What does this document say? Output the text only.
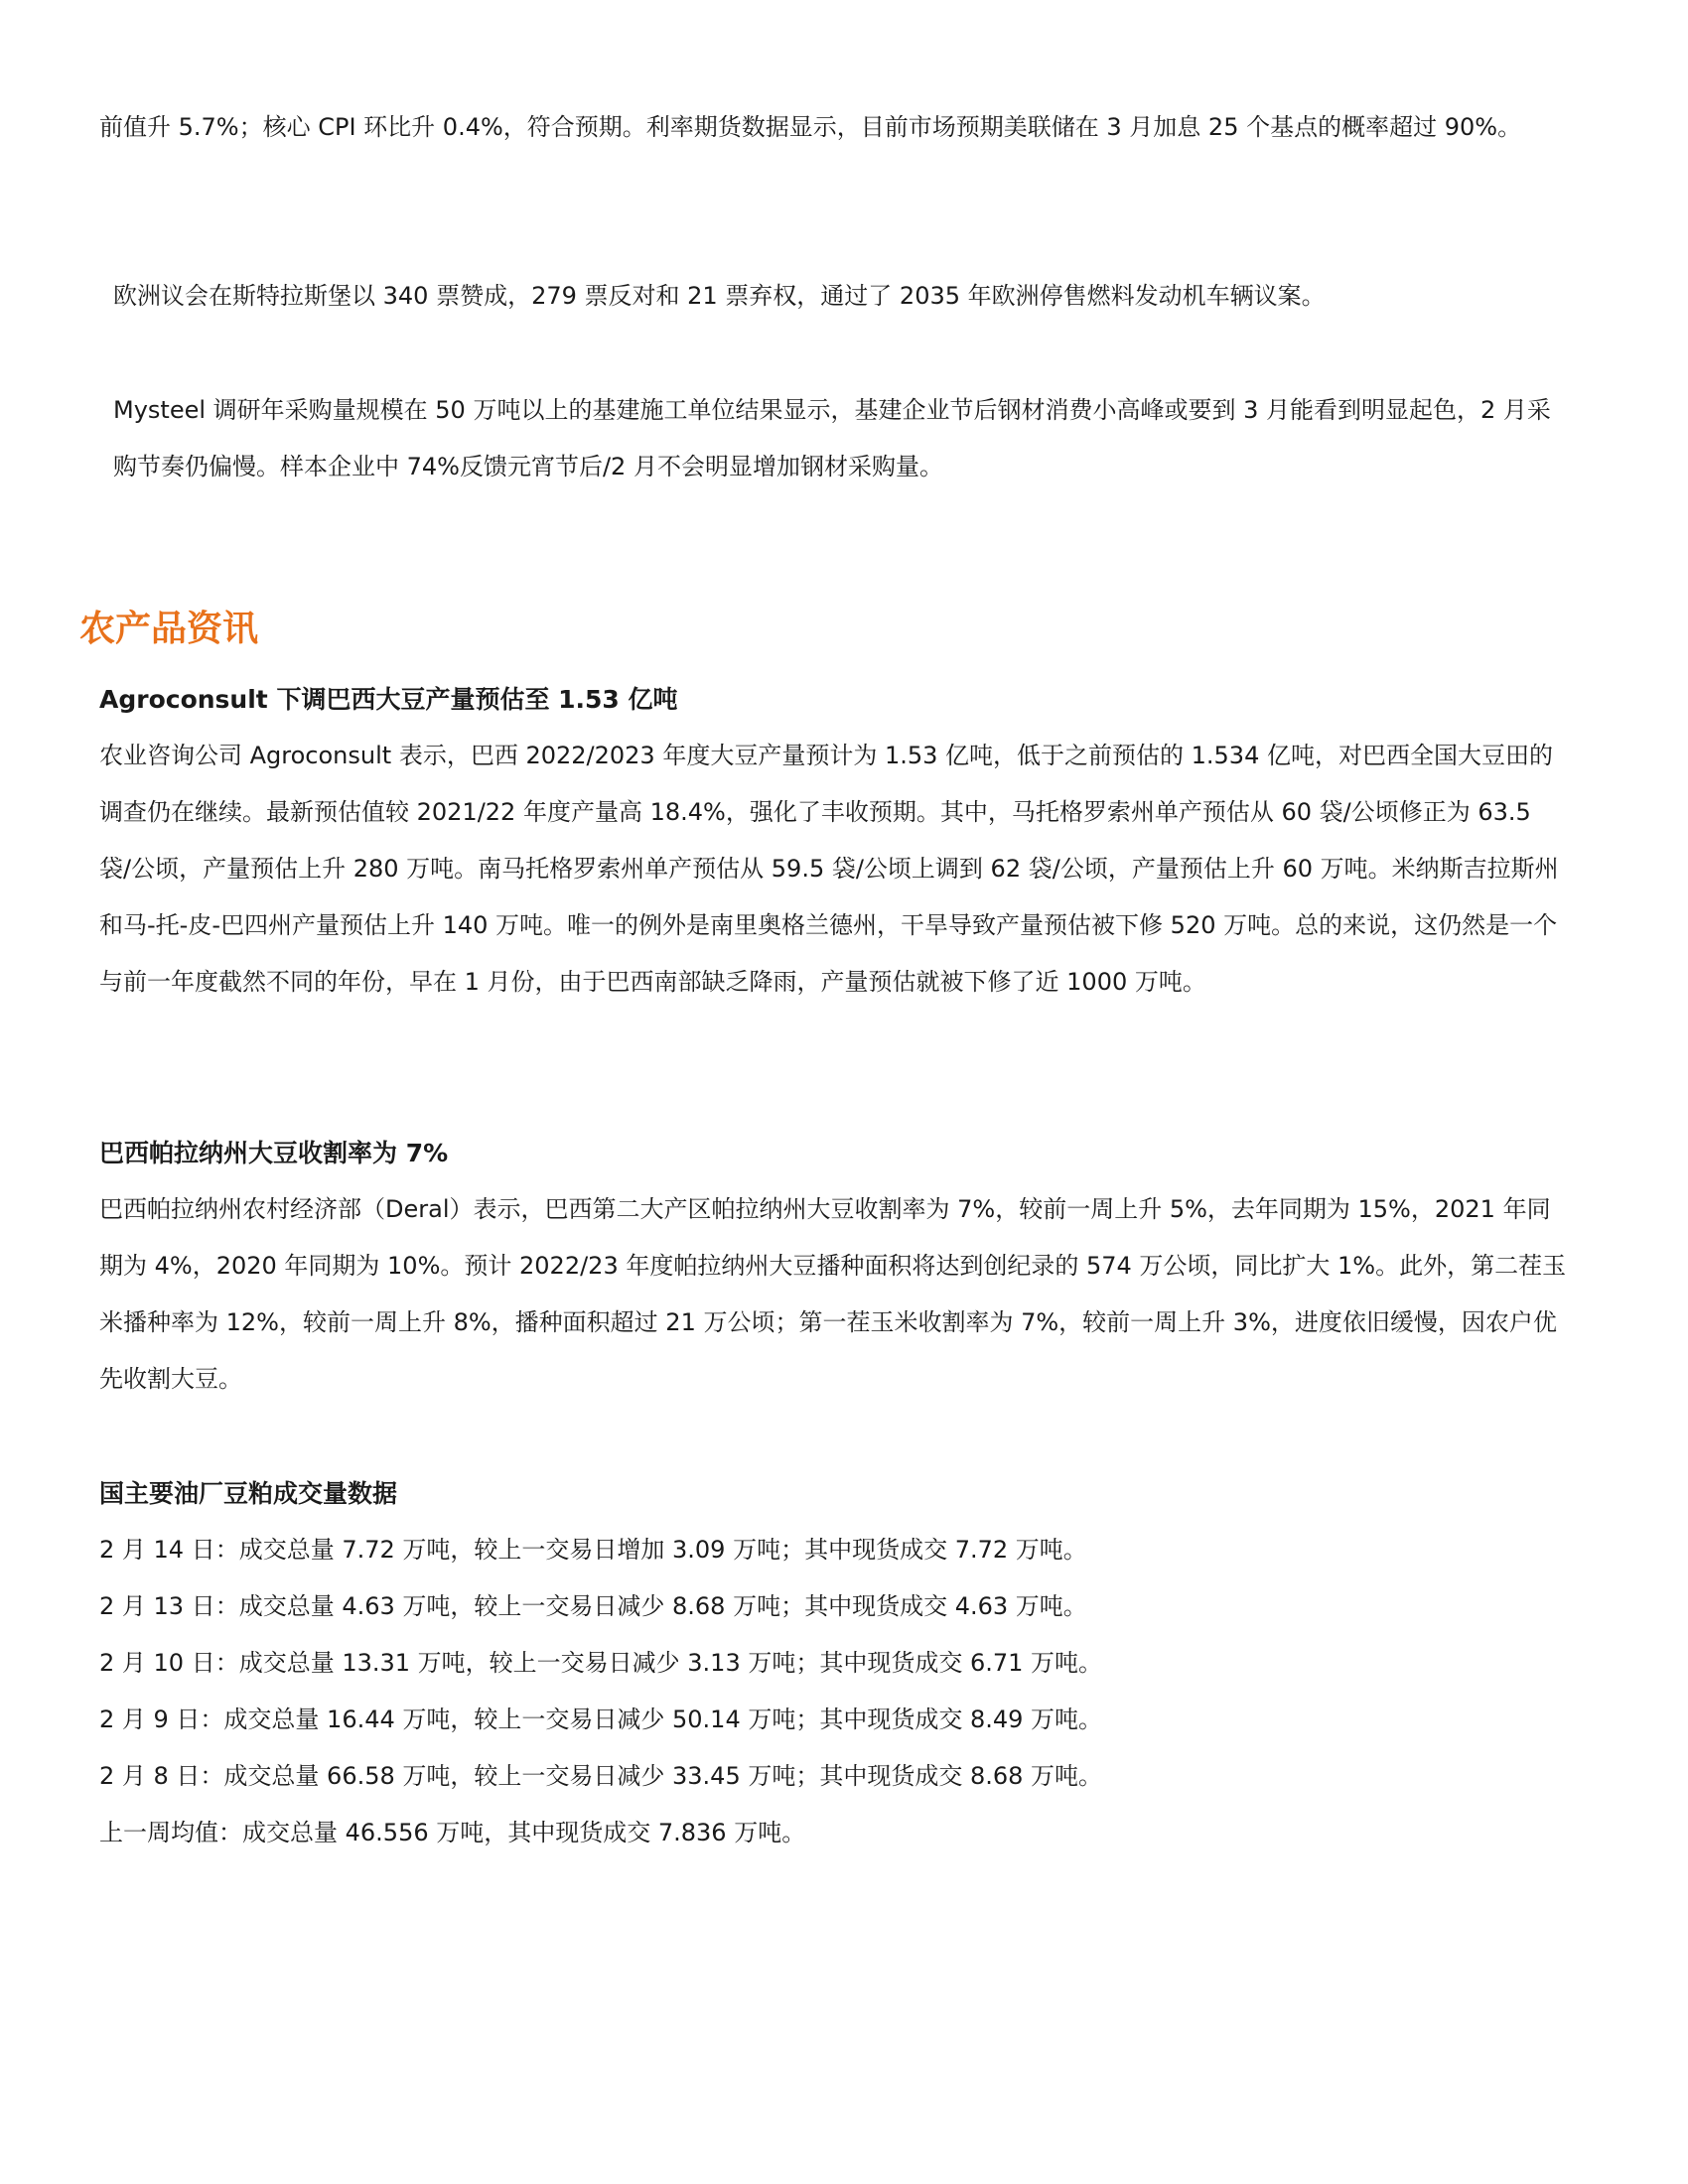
前值升 5.7%；核心 CPI 环比升 0.4%，符合预期。利率期货数据显示，目前市场预期美联储在 3 月加息 25 个基点的概率超过 90%。

欧洲议会在斯特拉斯堡以 340 票赞成，279 票反对和 21 票弃权，通过了 2035 年欧洲停售燃料发动机车辆议案。

Mysteel 调研年采购量规模在 50 万吨以上的基建施工单位结果显示，基建企业节后钢材消费小高峰或要到 3 月能看到明显起色，2 月采购节奏仍偏慢。样本企业中 74%反馈元宵节后/2 月不会明显增加钢材采购量。

农产品资讯

Agroconsult 下调巴西大豆产量预估至 1.53 亿吨

农业咨询公司 Agroconsult 表示，巴西 2022/2023 年度大豆产量预计为 1.53 亿吨，低于之前预估的 1.534 亿吨，对巴西全国大豆田的调查仍在继续。最新预估值较 2021/22 年度产量高 18.4%，强化了丰收预期。其中，马托格罗索州单产预估从 60 袋/公顷修正为 63.5 袋/公顷，产量预估上升 280 万吨。南马托格罗索州单产预估从 59.5 袋/公顷上调到 62 袋/公顷，产量预估上升 60 万吨。米纳斯吉拉斯州和马-托-皮-巴四州产量预估上升 140 万吨。唯一的例外是南里奥格兰德州，干旱导致产量预估被下修 520 万吨。总的来说，这仍然是一个与前一年度截然不同的年份，早在 1 月份，由于巴西南部缺乏降雨，产量预估就被下修了近 1000 万吨。

巴西帕拉纳州大豆收割率为 7%

巴西帕拉纳州农村经济部（Deral）表示，巴西第二大产区帕拉纳州大豆收割率为 7%，较前一周上升 5%，去年同期为 15%，2021 年同期为 4%，2020 年同期为 10%。预计 2022/23 年度帕拉纳州大豆播种面积将达到创纪录的 574 万公顷，同比扩大 1%。此外，第二茬玉米播种率为 12%，较前一周上升 8%，播种面积超过 21 万公顷；第一茬玉米收割率为 7%，较前一周上升 3%，进度依旧缓慢，因农户优先收割大豆。

国主要油厂豆粕成交量数据

2 月 14 日：成交总量 7.72 万吨，较上一交易日增加 3.09 万吨；其中现货成交 7.72 万吨。

2 月 13 日：成交总量 4.63 万吨，较上一交易日减少 8.68 万吨；其中现货成交 4.63 万吨。

2 月 10 日：成交总量 13.31 万吨，较上一交易日减少 3.13 万吨；其中现货成交 6.71 万吨。

2 月 9 日：成交总量 16.44 万吨，较上一交易日减少 50.14 万吨；其中现货成交 8.49 万吨。

2 月 8 日：成交总量 66.58 万吨，较上一交易日减少 33.45 万吨；其中现货成交 8.68 万吨。

上一周均值：成交总量 46.556 万吨，其中现货成交 7.836 万吨。
